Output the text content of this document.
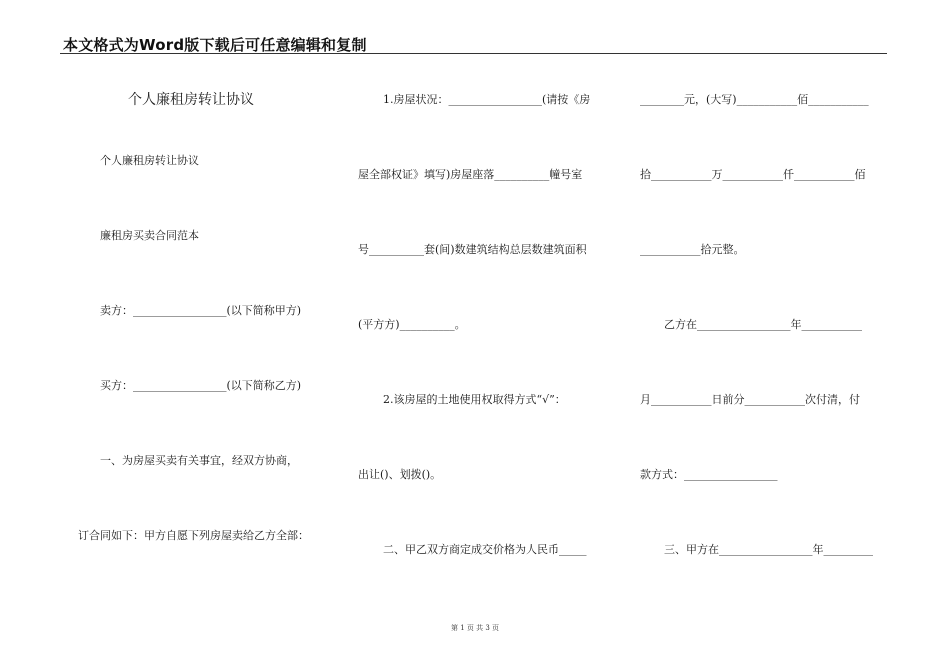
本文格式为Word版下载后可任意编辑和复制
个人廉租房转让协议
个人廉租房转让协议
廉租房买卖合同范本
卖方：_________________(以下简称甲方)
买方：_________________(以下简称乙方)
一、为房屋买卖有关事宜，经双方协商，
订合同如下：甲方自愿下列房屋卖给乙方全部：
1.房屋状况：_________________(请按《房
屋全部权证》填写)房屋座落__________幢号室
号__________套(间)数建筑结构总层数建筑面积
(平方方)__________。
2.该房屋的土地使用权取得方式“√”：
出让()、划拨()。
二、甲乙双方商定成交价格为人民币_____
________元，(大写)___________佰___________
拾___________万___________仟___________佰
___________拾元整。
乙方在_________________年___________
月___________日前分___________次付清，付
款方式：_________________
三、甲方在_________________年_________
第 1 页 共 3 页
